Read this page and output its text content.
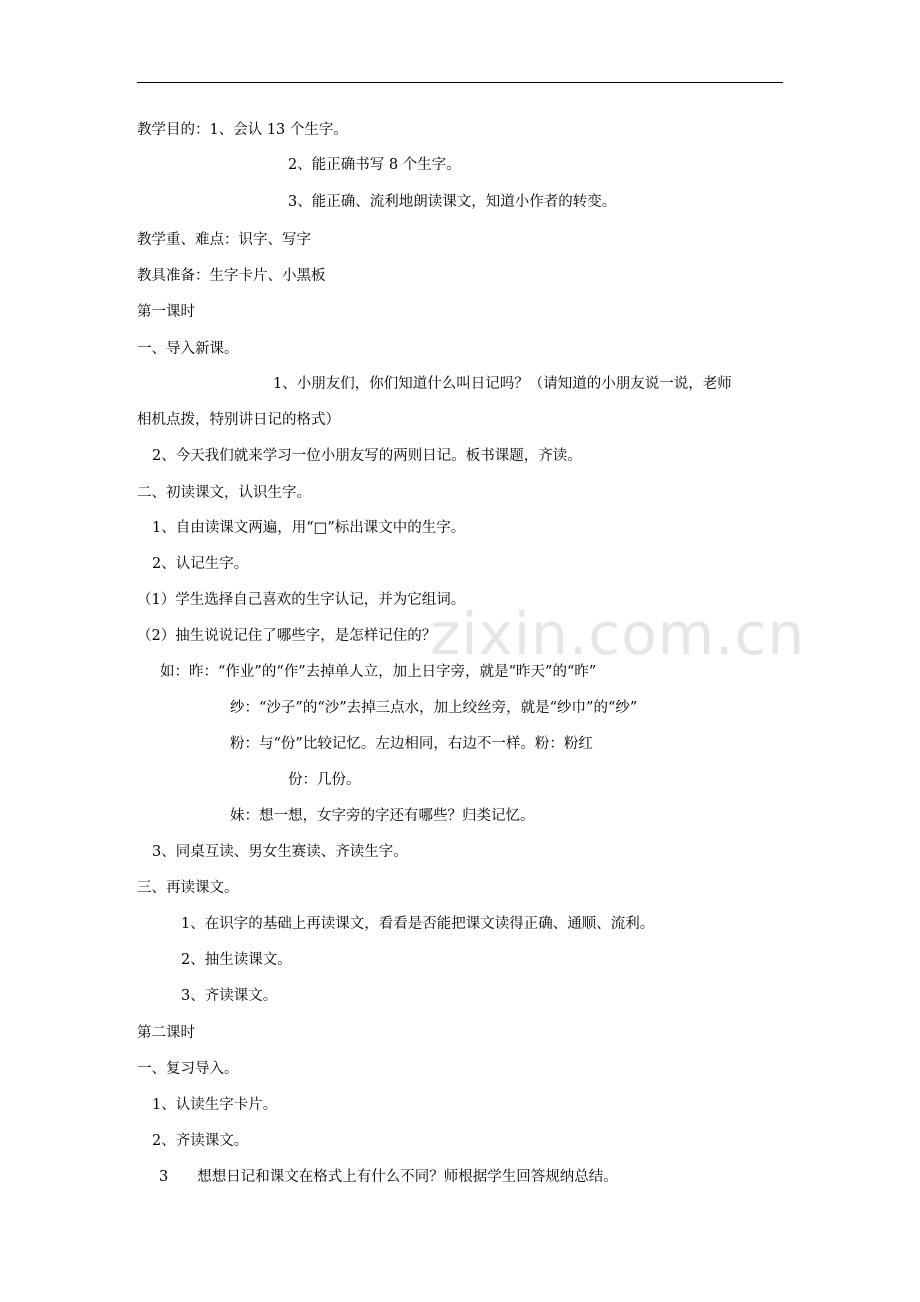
教学目的：1、会认 13 个生字。
2、能正确书写 8 个生字。
3、能正确、流利地朗读课文，知道小作者的转变。
教学重、难点：识字、写字
教具准备：生字卡片、小黑板
第一课时
一、导入新课。
1、小朋友们，你们知道什么叫日记吗？（请知道的小朋友说一说，老师
相机点拨，特别讲日记的格式）
2、今天我们就来学习一位小朋友写的两则日记。板书课题，齐读。
二、初读课文，认识生字。
1、自由读课文两遍，用“□”标出课文中的生字。
2、认记生字。
（1）学生选择自己喜欢的生字认记，并为它组词。
（2）抽生说说记住了哪些字，是怎样记住的？
如：昨：“作业”的“作”去掉单人立，加上日字旁，就是“昨天”的“昨”
纱：“沙子”的“沙”去掉三点水，加上绞丝旁，就是“纱巾”的“纱”
粉：与“份”比较记忆。左边相同，右边不一样。粉：粉红
份：几份。
妹：想一想，女字旁的字还有哪些？归类记忆。
3、同桌互读、男女生赛读、齐读生字。
三、再读课文。
1、在识字的基础上再读课文，看看是否能把课文读得正确、通顺、流利。
2、抽生读课文。
3、齐读课文。
第二课时
一、复习导入。
1、认读生字卡片。
2、齐读课文。
3　　想想日记和课文在格式上有什么不同？师根据学生回答规纳总结。
zixin.com.cn
